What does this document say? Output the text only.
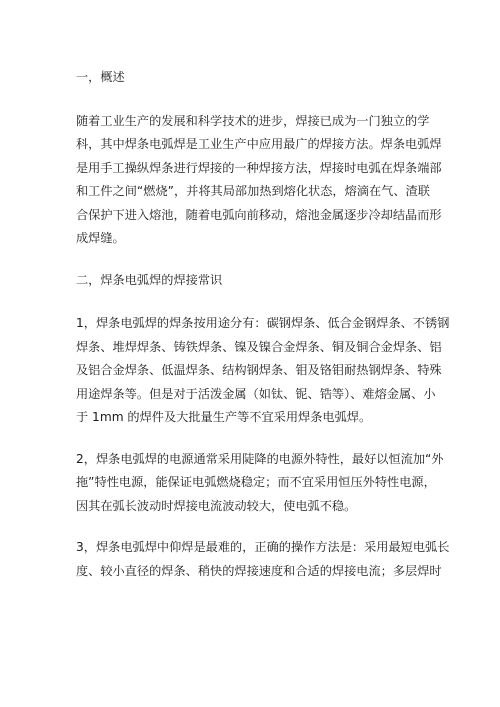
一，概述
随着工业生产的发展和科学技术的进步，焊接已成为一门独立的学
科，其中焊条电弧焊是工业生产中应用最广的焊接方法。焊条电弧焊
是用手工操纵焊条进行焊接的一种焊接方法，焊接时电弧在焊条端部
和工件之间“燃烧”，并将其局部加热到熔化状态，熔滴在气、渣联
合保护下进入熔池，随着电弧向前移动，熔池金属逐步冷却结晶而形
成焊缝。
二，焊条电弧焊的焊接常识
1，焊条电弧焊的焊条按用途分有：碳钢焊条、低合金钢焊条、不锈钢
焊条、堆焊焊条、铸铁焊条、镍及镍合金焊条、铜及铜合金焊条、铝
及铝合金焊条、低温焊条、结构钢焊条、钼及铬钼耐热钢焊条、特殊
用途焊条等。但是对于活泼金属（如钛、铌、锆等）、难熔金属、小
于 1mm 的焊件及大批量生产等不宜采用焊条电弧焊。
2，焊条电弧焊的电源通常采用陡降的电源外特性，最好以恒流加“外
拖”特性电源，能保证电弧燃烧稳定；而不宜采用恒压外特性电源，
因其在弧长波动时焊接电流波动较大，使电弧不稳。
3，焊条电弧焊中仰焊是最难的，正确的操作方法是：采用最短电弧长
度、较小直径的焊条、稍快的焊接速度和合适的焊接电流；多层焊时
